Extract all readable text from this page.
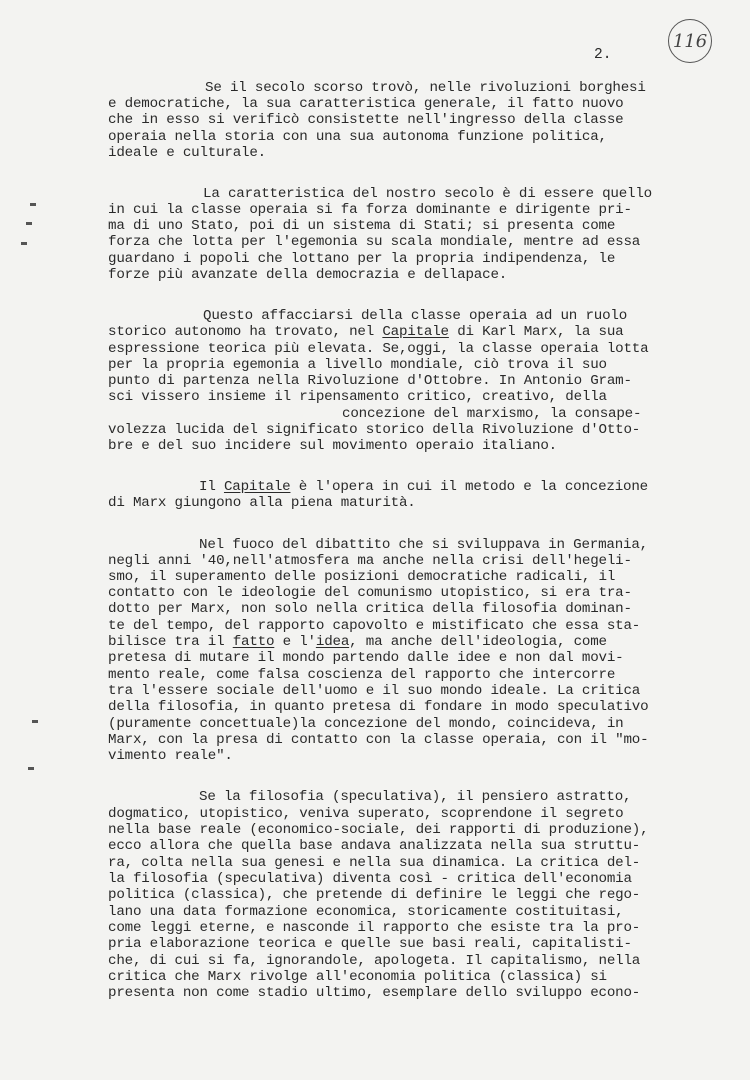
116
2.

Se il secolo scorso trovò, nelle rivoluzioni borghesi

e democratiche, la sua caratteristica generale, il fatto nuovo

che in esso si verificò consistette nell'ingresso della classe

operaia nella storia con una sua autonoma funzione politica,

ideale e culturale.

La caratteristica del nostro secolo è di essere quello

in cui la classe operaia si fa forza dominante e dirigente pri-

ma di uno Stato, poi di un sistema di Stati; si presenta come

forza che lotta per l'egemonia su scala mondiale, mentre ad essa

guardano i popoli che lottano per la propria indipendenza, le

forze più avanzate della democrazia e dellapace.

Questo affacciarsi della classe operaia ad un ruolo

storico autonomo ha trovato, nel Capitale di Karl Marx, la sua

espressione teorica più elevata. Se,oggi, la classe operaia lotta

per la propria egemonia a livello mondiale, ciò trova il suo

punto di partenza nella Rivoluzione d'Ottobre. In Antonio Gram-

sci vissero insieme il ripensamento critico, creativo, della

concezione del marxismo, la consape-

volezza lucida del significato storico della Rivoluzione d'Otto-

bre e del suo incidere sul movimento operaio italiano.

Il Capitale è l'opera in cui il metodo e la concezione

di Marx giungono alla piena maturità.

Nel fuoco del dibattito che si sviluppava in Germania,

negli anni '40,nell'atmosfera ma anche nella crisi dell'hegeli-

smo, il superamento delle posizioni democratiche radicali, il

contatto con le ideologie del comunismo utopistico, si era tra-

dotto per Marx, non solo nella critica della filosofia dominan-

te del tempo, del rapporto capovolto e mistificato che essa sta-

bilisce tra il fatto e l'idea, ma anche dell'ideologia, come

pretesa di mutare il mondo partendo dalle idee e non dal movi-

mento reale, come falsa coscienza del rapporto che intercorre

tra l'essere sociale dell'uomo e il suo mondo ideale. La critica

della filosofia, in quanto pretesa di fondare in modo speculativo

(puramente concettuale)la concezione del mondo, coincideva, in

Marx, con la presa di contatto con la classe operaia, con il "mo-

vimento reale".

Se la filosofia (speculativa), il pensiero astratto,

dogmatico, utopistico, veniva superato, scoprendone il segreto

nella base reale (economico-sociale, dei rapporti di produzione),

ecco allora che quella base andava analizzata nella sua struttu-

ra, colta nella sua genesi e nella sua dinamica. La critica del-

la filosofia (speculativa) diventa così - critica dell'economia

politica (classica), che pretende di definire le leggi che rego-

lano una data formazione economica, storicamente costituitasi,

come leggi eterne, e nasconde il rapporto che esiste tra la pro-

pria elaborazione teorica e quelle sue basi reali, capitalisti-

che, di cui si fa, ignorandole, apologeta. Il capitalismo, nella

critica che Marx rivolge all'economia politica (classica) si

presenta non come stadio ultimo, esemplare dello sviluppo econo-
